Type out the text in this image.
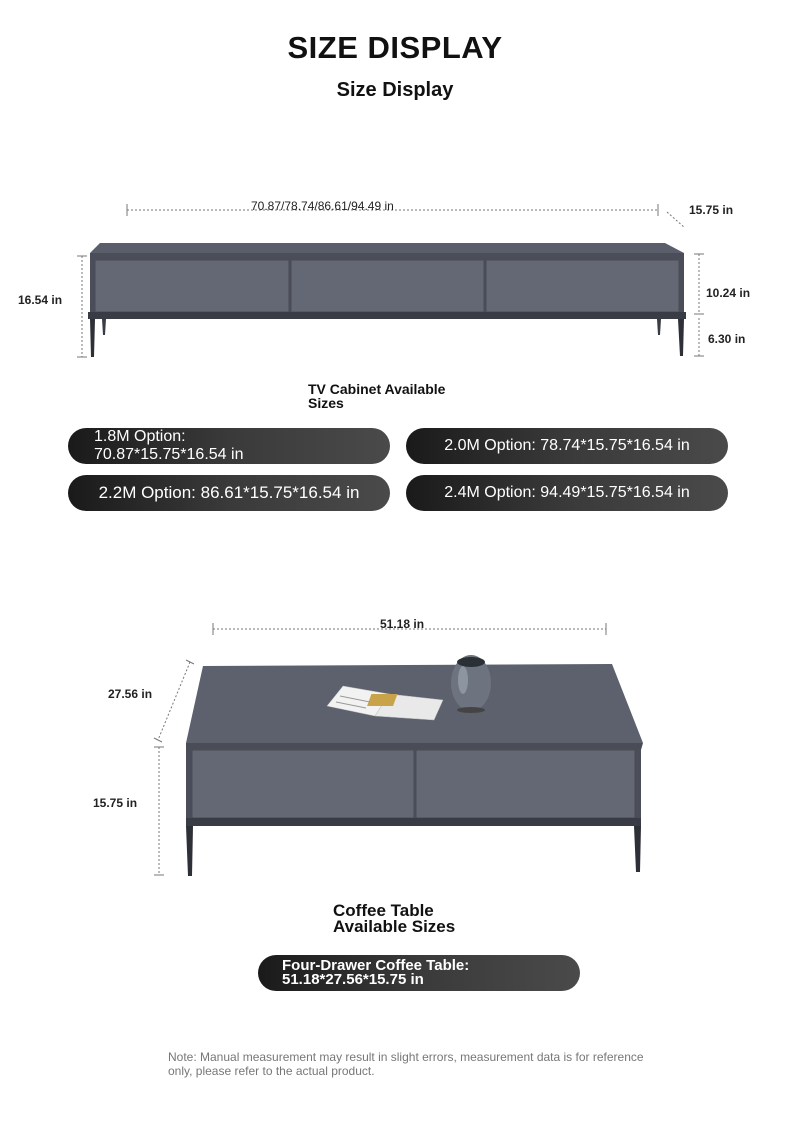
SIZE DISPLAY
Size Display
70.87/78.74/86.61/94.49 in	15.75 in
16.54 in	10.24 in
6.30 in
TV Cabinet Available
Sizes
1.8M Option:
70.87*15.75*16.54 in
2.0M Option: 78.74*15.75*16.54 in
2.2M Option: 86.61*15.75*16.54 in	2.4M Option: 94.49*15.75*16.54 in
51.18 in
27.56 in
15.75 in
Coffee Table
Available Sizes
Four-Drawer Coffee Table:
51.18*27.56*15.75 in
Note: Manual measurement may result in slight errors, measurement data is for reference
only, please refer to the actual product.
